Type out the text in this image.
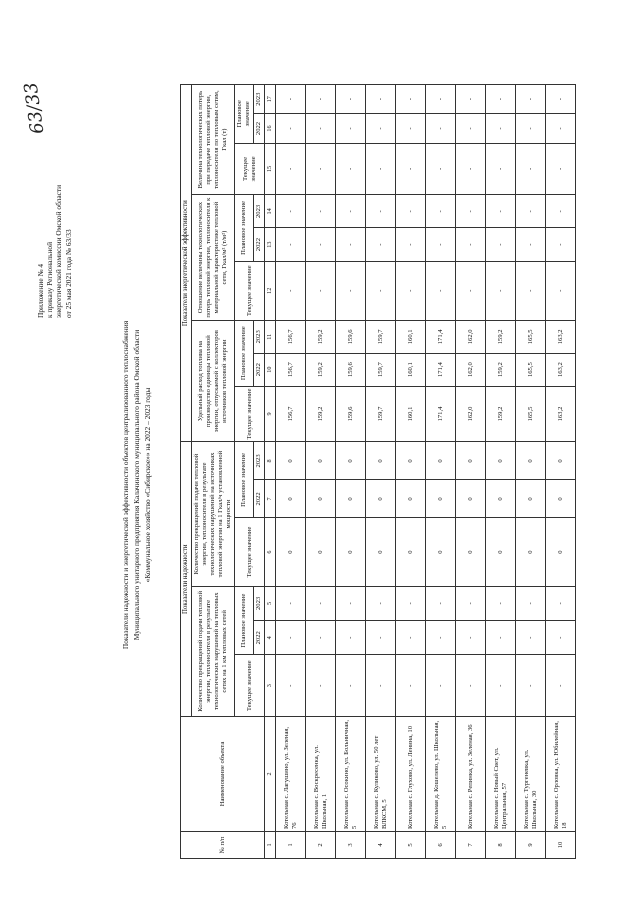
Приложение № 4 к приказу Региональной энергетической комиссии Омской области от 25 мая 2021 года № 63/33
63/33
Показатели надежности и энергетической эффективности объектов централизованного теплоснабжения Муниципального унитарного предприятия Калачинского муниципального района Омской области «Коммунальное хозяйство «Сибирское»» на 2022 – 2023 годы
№ п/п	Наименование объекта	Показатели надежности						Показатели энергетической эффективности								
		Количество прекращений подачи тепловой энергии, теплоносителя в результате технологических нарушений на тепловых сетях на 1 км тепловых сетей			Количество прекращений подачи тепловой энергии, теплоносителя в результате технологических нарушений на источниках тепловой энергии на 1 Гкал/ч установленной мощности			Удельный расход топлива на производство единицы тепловой энергии, отпускаемой с коллекторов источников тепловой энергии			Отношение величины технологических потерь тепловой энергии, теплоносителя к материальной характеристике тепловой сети, Гкал/м² (т/м²)			Величина технологических потерь при передаче тепловой энергии, теплоносителя по тепловым сетям, Гкал (т)		
		Текущее значение	Плановое значение		Текущее значение	Плановое значение		Текущее значение	Плановое значение		Текущее значение	Плановое значение		Текущее значение	Плановое значение	
			2022	2023		2022	2023		2022	2023		2022	2023		2022	2023
1	2	3	4	5	6	7	8	9	10	11	12	13	14	15	16	17
1	Котельная с. Лагушино, ул. Зеленая, 76	-	-	-	0	0	0	156,7	156,7	156,7	-	-	-	-	-	-
2	Котельная с. Воскресенка, ул. Школьная, 1	-	-	-	0	0	0	159,2	159,2	159,2	-	-	-	-	-	-
3	Котельная с. Осокино, ул. Больничная, 5	-	-	-	0	0	0	159,6	159,6	159,6	-	-	-	-	-	-
4	Котельная с. Куликово, ул. 50 лет ВЛКСМ, 5	-	-	-	0	0	0	159,7	159,7	159,7	-	-	-	-	-	-
5	Котельная с. Глухово, ул. Ленина, 10	-	-	-	0	0	0	160,1	160,1	160,1	-	-	-	-	-	-
6	Котельная д. Кошелево, ул. Школьная, 5	-	-	-	0	0	0	171,4	171,4	171,4	-	-	-	-	-	-
7	Котельная с. Репинка, ул. Зеленая, 36	-	-	-	0	0	0	162,0	162,0	162,0	-	-	-	-	-	-
8	Котельная с. Новый Свет, ул. Центральная, 57	-	-	-	0	0	0	159,2	159,2	159,2	-	-	-	-	-	-
9	Котельная с. Тургеневка, ул. Школьная, 30	-	-	-	0	0	0	165,5	165,5	165,5	-	-	-	-	-	-
10	Котельная с. Орловка, ул. Юбилейная, 18	-	-	-	0	0	0	163,2	163,2	163,2	-	-	-	-	-	-
